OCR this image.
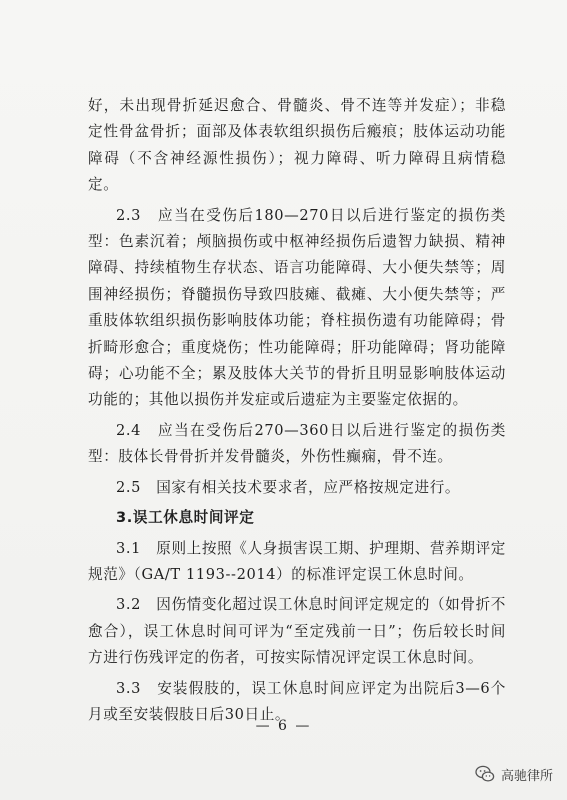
好，未出现骨折延迟愈合、骨髓炎、骨不连等并发症）；非稳定性骨盆骨折；面部及体表软组织损伤后瘢痕；肢体运动功能障碍（不含神经源性损伤）；视力障碍、听力障碍且病情稳定。

2.3　应当在受伤后180—270日以后进行鉴定的损伤类型：色素沉着；颅脑损伤或中枢神经损伤后遗智力缺损、精神障碍、持续植物生存状态、语言功能障碍、大小便失禁等；周围神经损伤；脊髓损伤导致四肢瘫、截瘫、大小便失禁等；严重肢体软组织损伤影响肢体功能；脊柱损伤遗有功能障碍；骨折畸形愈合；重度烧伤；性功能障碍；肝功能障碍；肾功能障碍；心功能不全；累及肢体大关节的骨折且明显影响肢体运动功能的；其他以损伤并发症或后遗症为主要鉴定依据的。

2.4　应当在受伤后270—360日以后进行鉴定的损伤类型：肢体长骨骨折并发骨髓炎，外伤性癫痫，骨不连。

2.5　国家有相关技术要求者，应严格按规定进行。

3.误工休息时间评定

3.1　原则上按照《人身损害误工期、护理期、营养期评定规范》（GA/T 1193--2014）的标准评定误工休息时间。

3.2　因伤情变化超过误工休息时间评定规定的（如骨折不愈合），误工休息时间可评为“至定残前一日”；伤后较长时间方进行伤残评定的伤者，可按实际情况评定误工休息时间。

3.3　安装假肢的，误工休息时间应评定为出院后3—6个月或至安装假肢日后30日止。

— 6 —
高驰律所
